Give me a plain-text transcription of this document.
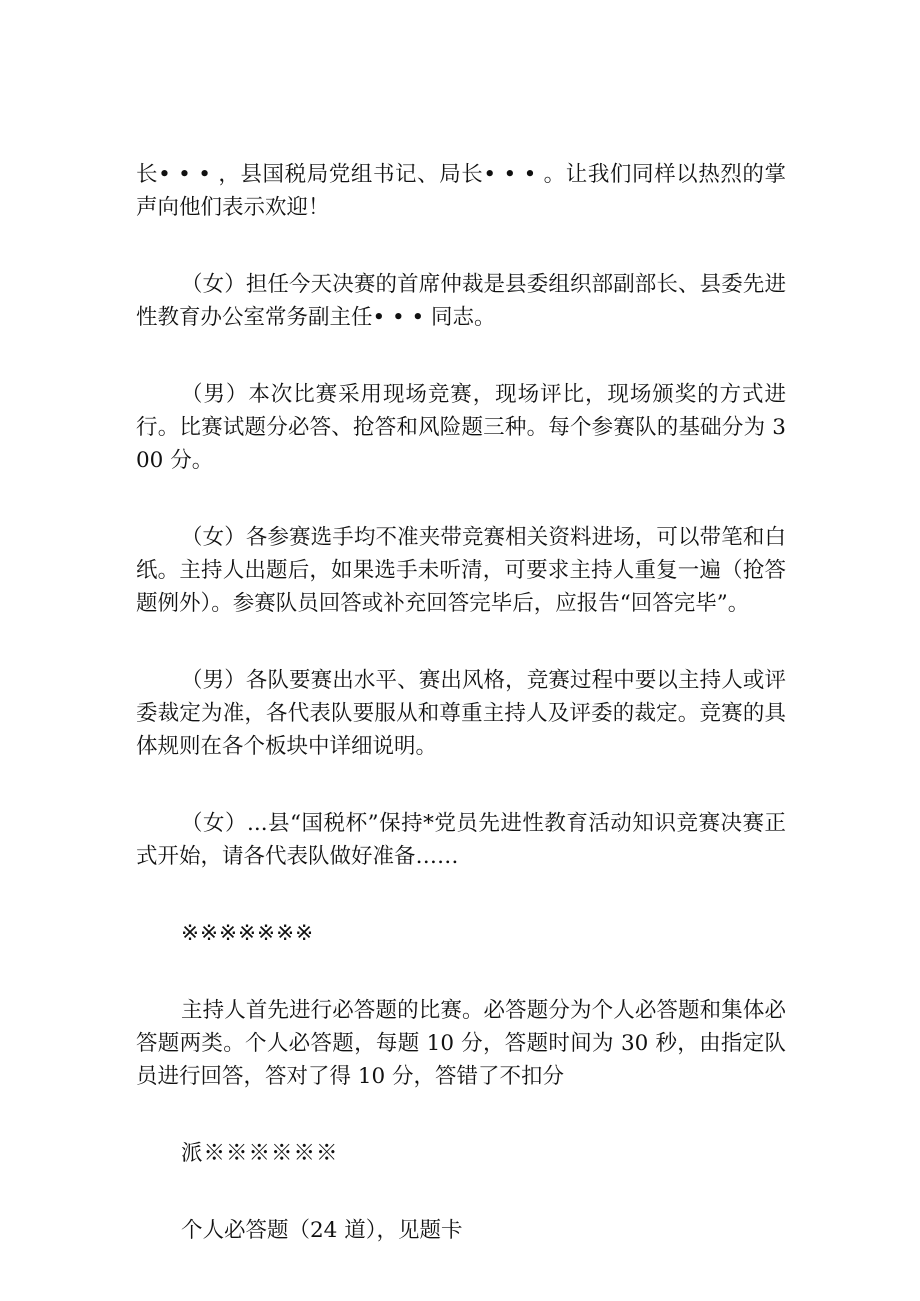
长• • • ，县国税局党组书记、局长• • • 。让我们同样以热烈的掌声向他们表示欢迎！

（女）担任今天决赛的首席仲裁是县委组织部副部长、县委先进性教育办公室常务副主任• • • 同志。

（男）本次比赛采用现场竞赛，现场评比，现场颁奖的方式进行。比赛试题分必答、抢答和风险题三种。每个参赛队的基础分为 300 分。

（女）各参赛选手均不准夹带竞赛相关资料进场，可以带笔和白纸。主持人出题后，如果选手未听清，可要求主持人重复一遍（抢答题例外）。参赛队员回答或补充回答完毕后，应报告“回答完毕”。

（男）各队要赛出水平、赛出风格，竞赛过程中要以主持人或评委裁定为准，各代表队要服从和尊重主持人及评委的裁定。竞赛的具体规则在各个板块中详细说明。

（女）...县“国税杯”保持*党员先进性教育活动知识竞赛决赛正式开始，请各代表队做好准备……

※※※※※※※

主持人首先进行必答题的比赛。必答题分为个人必答题和集体必答题两类。个人必答题，每题 10 分，答题时间为 30 秒，由指定队员进行回答，答对了得 10 分，答错了不扣分

派※※※※※※

个人必答题（24 道），见题卡
